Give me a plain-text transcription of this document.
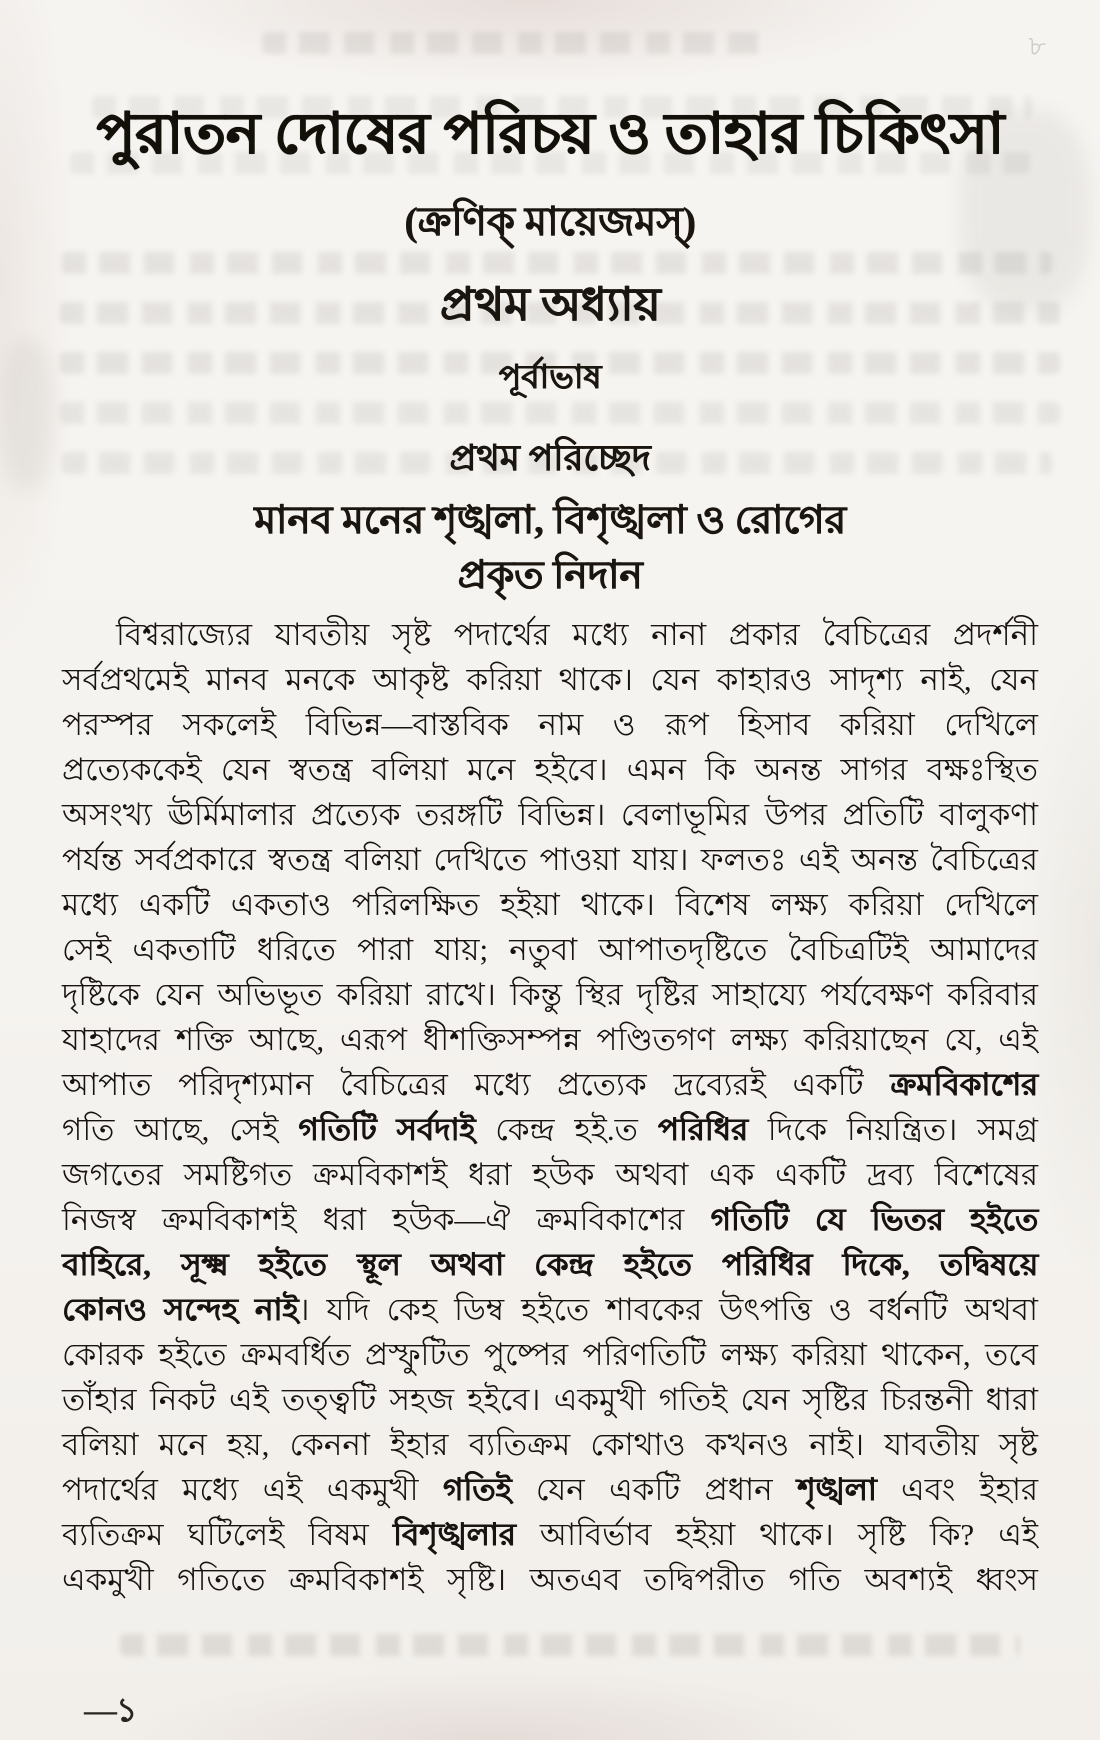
৮
পুরাতন দোষের পরিচয় ও তাহার চিকিৎসা
(ক্রণিক্ মায়েজমস্)
প্রথম অধ্যায়
পূর্বাভাষ
প্রথম পরিচ্ছেদ
মানব মনের শৃঙ্খলা, বিশৃঙ্খলা ও রোগের
প্রকৃত নিদান
বিশ্বরাজ্যের যাবতীয় সৃষ্ট পদার্থের মধ্যে নানা প্রকার বৈচিত্রের প্রদর্শনী
সর্বপ্রথমেই মানব মনকে আকৃষ্ট করিয়া থাকে। যেন কাহারও সাদৃশ্য নাই, যেন
পরস্পর সকলেই বিভিন্ন—বাস্তবিক নাম ও রূপ হিসাব করিয়া দেখিলে
প্রত্যেককেই যেন স্বতন্ত্র বলিয়া মনে হইবে। এমন কি অনন্ত সাগর বক্ষঃস্থিত
অসংখ্য ঊর্মিমালার প্রত্যেক তরঙ্গটি বিভিন্ন। বেলাভূমির উপর প্রতিটি বালুকণা
পর্যন্ত সর্বপ্রকারে স্বতন্ত্র বলিয়া দেখিতে পাওয়া যায়। ফলতঃ এই অনন্ত বৈচিত্রের
মধ্যে একটি একতাও পরিলক্ষিত হইয়া থাকে। বিশেষ লক্ষ্য করিয়া দেখিলে
সেই একতাটি ধরিতে পারা যায়; নতুবা আপাতদৃষ্টিতে বৈচিত্রটিই আমাদের
দৃষ্টিকে যেন অভিভূত করিয়া রাখে। কিন্তু স্থির দৃষ্টির সাহায্যে পর্যবেক্ষণ করিবার
যাহাদের শক্তি আছে, এরূপ ধীশক্তিসম্পন্ন পণ্ডিতগণ লক্ষ্য করিয়াছেন যে, এই
আপাত পরিদৃশ্যমান বৈচিত্রের মধ্যে প্রত্যেক দ্রব্যেরই একটি ক্রমবিকাশের
গতি আছে, সেই গতিটি সর্বদাই কেন্দ্র হই.ত পরিধির দিকে নিয়ন্ত্রিত। সমগ্র
জগতের সমষ্টিগত ক্রমবিকাশই ধরা হউক অথবা এক একটি দ্রব্য বিশেষের
নিজস্ব ক্রমবিকাশই ধরা হউক—ঐ ক্রমবিকাশের গতিটি যে ভিতর হইতে
বাহিরে, সূক্ষ্ম হইতে স্থূল অথবা কেন্দ্র হইতে পরিধির দিকে, তদ্বিষয়ে
কোনও সন্দেহ নাই। যদি কেহ ডিম্ব হইতে শাবকের উৎপত্তি ও বর্ধনটি অথবা
কোরক হইতে ক্রমবর্ধিত প্রস্ফুটিত পুষ্পের পরিণতিটি লক্ষ্য করিয়া থাকেন, তবে
তাঁহার নিকট এই তত্ত্বটি সহজ হইবে। একমুখী গতিই যেন সৃষ্টির চিরন্তনী ধারা
বলিয়া মনে হয়, কেননা ইহার ব্যতিক্রম কোথাও কখনও নাই। যাবতীয় সৃষ্ট
পদার্থের মধ্যে এই একমুখী গতিই যেন একটি প্রধান শৃঙ্খলা এবং ইহার
ব্যতিক্রম ঘটিলেই বিষম বিশৃঙ্খলার আবির্ভাব হইয়া থাকে। সৃষ্টি কি? এই
একমুখী গতিতে ক্রমবিকাশই সৃষ্টি। অতএব তদ্বিপরীত গতি অবশ্যই ধ্বংস
—১
